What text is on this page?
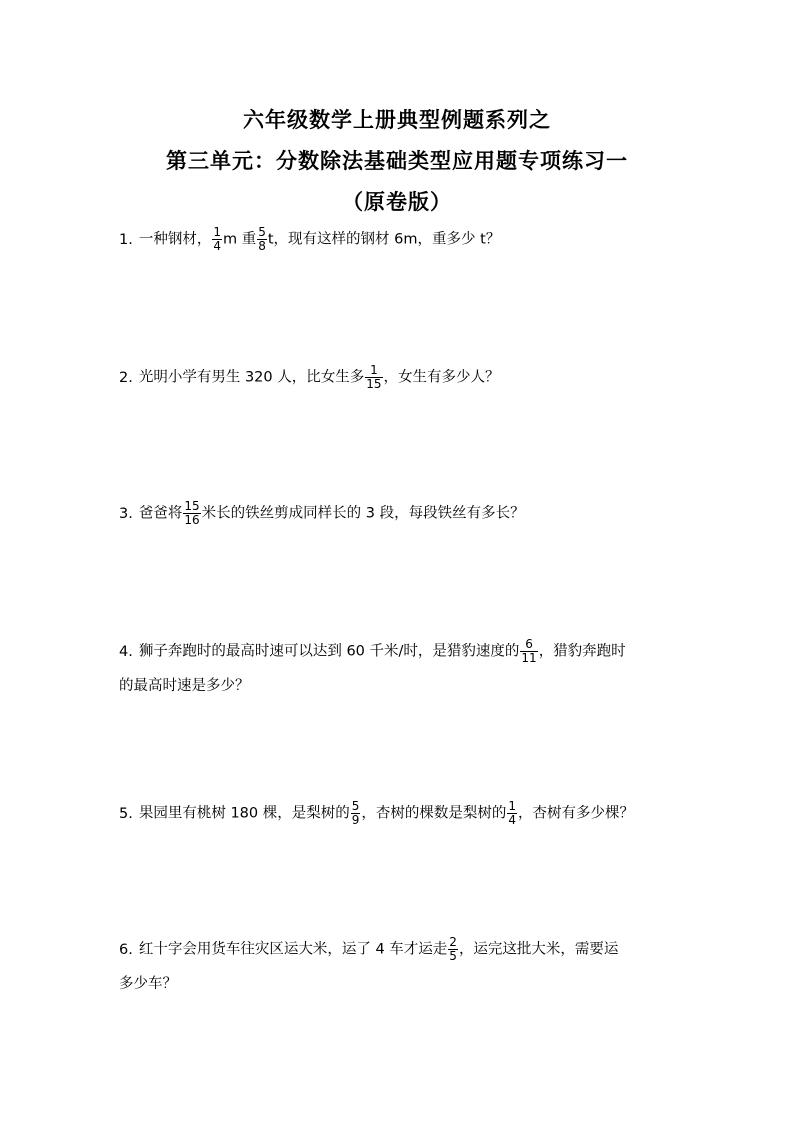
六年级数学上册典型例题系列之
第三单元：分数除法基础类型应用题专项练习一
（原卷版）
1. 一种钢材， $\frac{1}{4}$ m 重 $\frac{5}{8}$ t，现有这样的钢材 6m，重多少 t？
2. 光明小学有男生 320 人，比女生多 $\frac{1}{15}$ ，女生有多少人？
3. 爸爸将 $\frac{15}{16}$ 米长的铁丝剪成同样长的 3 段，每段铁丝有多长？
4. 狮子奔跑时的最高时速可以达到 60 千米/时，是猎豹速度的 $\frac{6}{11}$ ，猎豹奔跑时
的最高时速是多少？
5. 果园里有桃树 180 棵，是梨树的 $\frac{5}{9}$ ，杏树的棵数是梨树的 $\frac{1}{4}$ ，杏树有多少棵？
6. 红十字会用货车往灾区运大米，运了 4 车才运走 $\frac{2}{5}$ ，运完这批大米，需要运
多少车？
